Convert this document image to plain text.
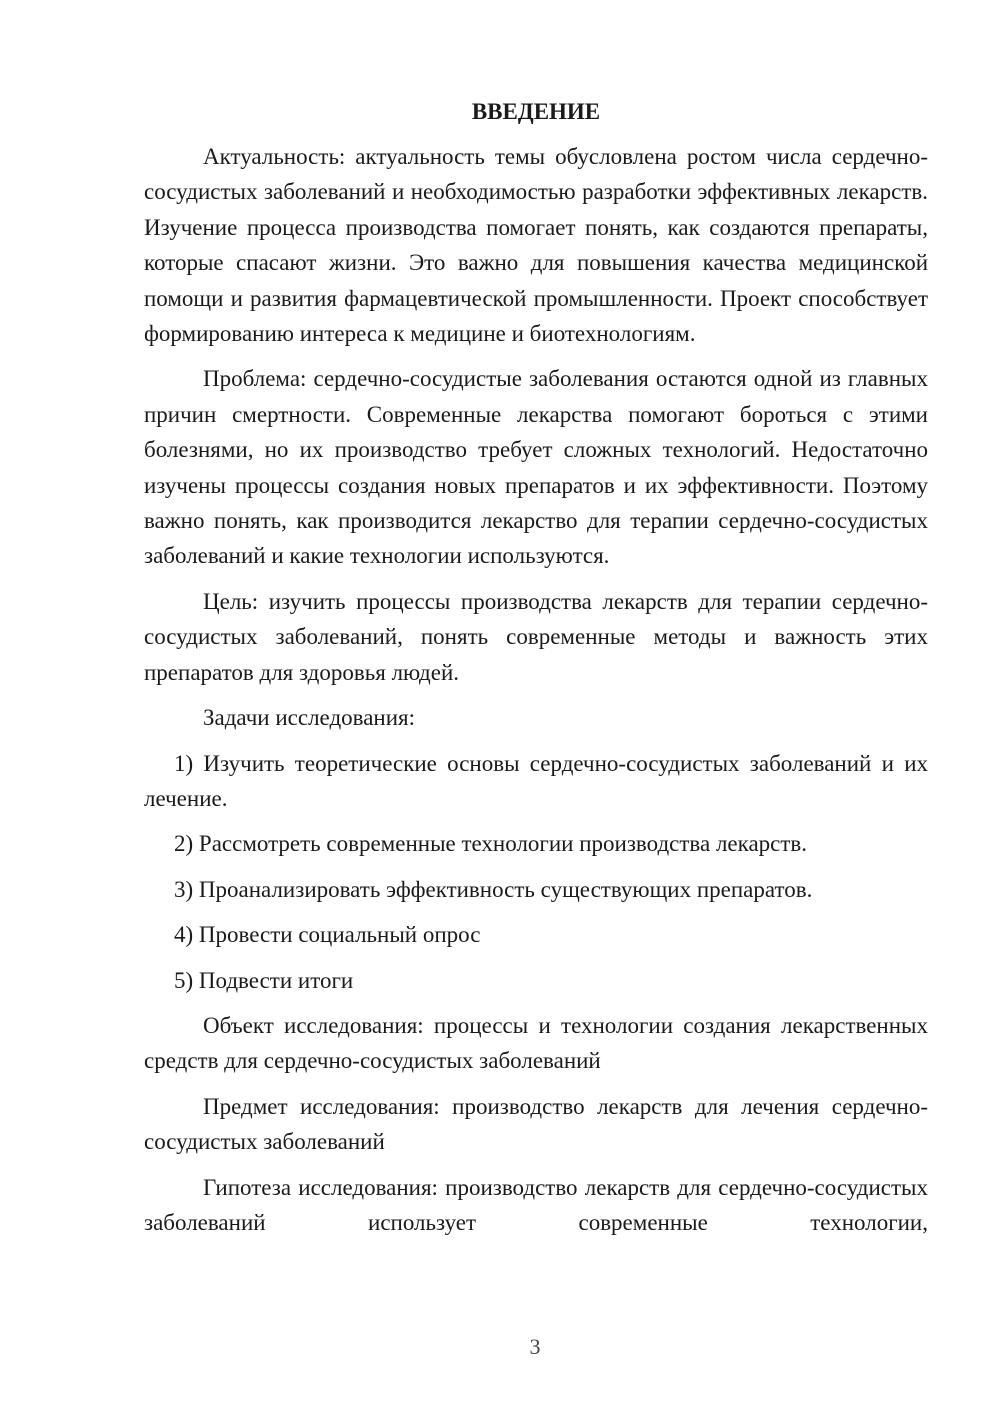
ВВЕДЕНИЕ

Актуальность: актуальность темы обусловлена ростом числа сердечно-сосудистых заболеваний и необходимостью разработки эффективных лекарств. Изучение процесса производства помогает понять, как создаются препараты, которые спасают жизни. Это важно для повышения качества медицинской помощи и развития фармацевтической промышленности. Проект способствует формированию интереса к медицине и биотехнологиям.

Проблема: сердечно-сосудистые заболевания остаются одной из главных причин смертности. Современные лекарства помогают бороться с этими болезнями, но их производство требует сложных технологий. Недостаточно изучены процессы создания новых препаратов и их эффективности. Поэтому важно понять, как производится лекарство для терапии сердечно-сосудистых заболеваний и какие технологии используются.

Цель: изучить процессы производства лекарств для терапии сердечно-сосудистых заболеваний, понять современные методы и важность этих препаратов для здоровья людей.

Задачи исследования:

1) Изучить теоретические основы сердечно-сосудистых заболеваний и их лечение.

2) Рассмотреть современные технологии производства лекарств.

3) Проанализировать эффективность существующих препаратов.

4) Провести социальный опрос

5) Подвести итоги

Объект исследования: процессы и технологии создания лекарственных средств для сердечно-сосудистых заболеваний

Предмет исследования: производство лекарств для лечения сердечно-сосудистых заболеваний

Гипотеза исследования: производство лекарств для сердечно-сосудистых заболеваний использует современные технологии,

3
